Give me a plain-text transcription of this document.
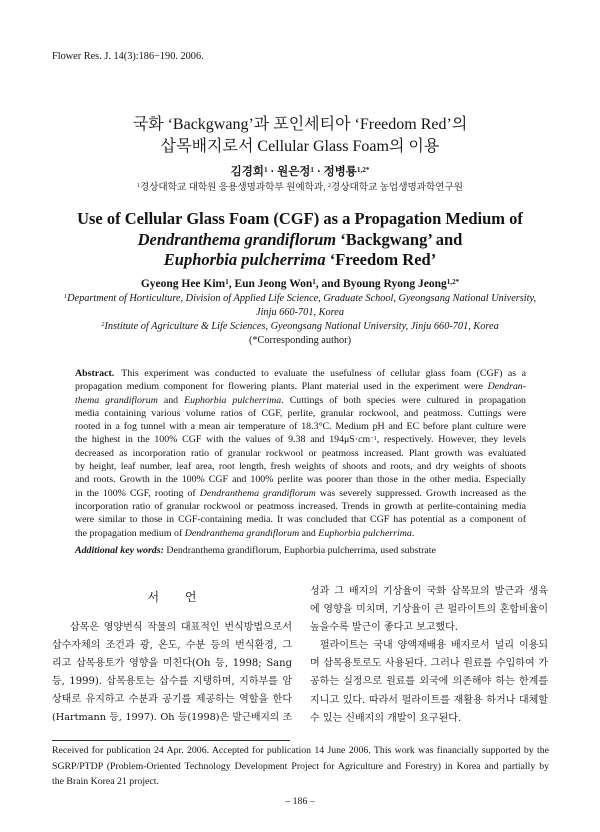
Flower Res. J. 14(3):186−190. 2006.
국화 ‘Backgwang’과 포인세티아 ‘Freedom Red’의
삽목배지로서 Cellular Glass Foam의 이용
김경희$^1$ · 원은정$^1$ · 정병룡$^{1,2*}$
$^1$경상대학교 대학원 응용생명과학부 원예학과, $^2$경상대학교 농업생명과학연구원
Use of Cellular Glass Foam (CGF) as a Propagation Medium of
Dendranthema grandiflorum ‘Backgwang’ and
Euphorbia pulcherrima ‘Freedom Red’
Gyeong Hee Kim$^1$, Eun Jeong Won$^1$, and Byoung Ryong Jeong$^{1,2*}$
$^1$Department of Horticulture, Division of Applied Life Science, Graduate School, Gyeongsang National University,
Jinju 660-701, Korea
$^2$Institute of Agriculture & Life Sciences, Gyeongsang National University, Jinju 660-701, Korea
(*Corresponding author)
Abstract. This experiment was conducted to evaluate the usefulness of cellular glass foam (CGF) as a
propagation medium component for flowering plants. Plant material used in the experiment were Dendran-
thema grandiflorum and Euphorbia pulcherrima. Cuttings of both species were cultured in propagation
media containing various volume ratios of CGF, perlite, granular rockwool, and peatmoss. Cuttings were
rooted in a fog tunnel with a mean air temperature of 18.3°C. Medium pH and EC before plant culture were
the highest in the 100% CGF with the values of 9.38 and $194\mu S\cdot cm^{-1}$, respectively. However, they levels
decreased as incorporation ratio of granular rockwool or peatmoss increased. Plant growth was evaluated
by height, leaf number, leaf area, root length, fresh weights of shoots and roots, and dry weights of shoots
and roots. Growth in the 100% CGF and 100% perlite was poorer than those in the other media. Especially
in the 100% CGF, rooting of Dendranthema grandiflorum was severely suppressed. Growth increased as the
incorporation ratio of granular rockwool or peatmoss increased. Trends in growth at perlite-containing media
were similar to those in CGF-containing media. It was concluded that CGF has potential as a component of
the propagation medium of Dendranthema grandiflorum and Euphorbia pulcherrima.
Additional key words: Dendranthema grandiflorum, Euphorbia pulcherrima, used substrate
서 언
삽목은 영양번식 작물의 대표적인 번식방법으로서
삽수자체의 조건과 광, 온도, 수분 등의 번식환경, 그
리고 삽목용토가 영향을 미친다(Oh 등, 1998; Sang
등, 1999). 삽목용토는 삽수를 지탱하며, 지하부를 암
상태로 유지하고 수분과 공기를 제공하는 역할을 한다
(Hartmann 등, 1997). Oh 등(1998)은 발근배지의 조
성과 그 배지의 기상율이 국화 삽목묘의 발근과 생육
에 영향을 미치며, 기상율이 큰 펄라이트의 혼합비율이
높을수록 발근이 좋다고 보고했다.
펄라이트는 국내 양액재배용 배지로서 널리 이용되
며 삽목용토로도 사용된다. 그러나 원료를 수입하여 가
공하는 실정으로 원료를 외국에 의존해야 하는 한계를
지니고 있다. 따라서 펄라이트를 재활용 하거나 대체할
수 있는 신배지의 개발이 요구된다.
Received for publication 24 Apr. 2006. Accepted for publication 14 June 2006. This work was financially supported by the
SGRP/PTDP (Problem-Oriented Technology Development Project for Agriculture and Forestry) in Korea and partially by
the Brain Korea 21 project.
– 186 –
